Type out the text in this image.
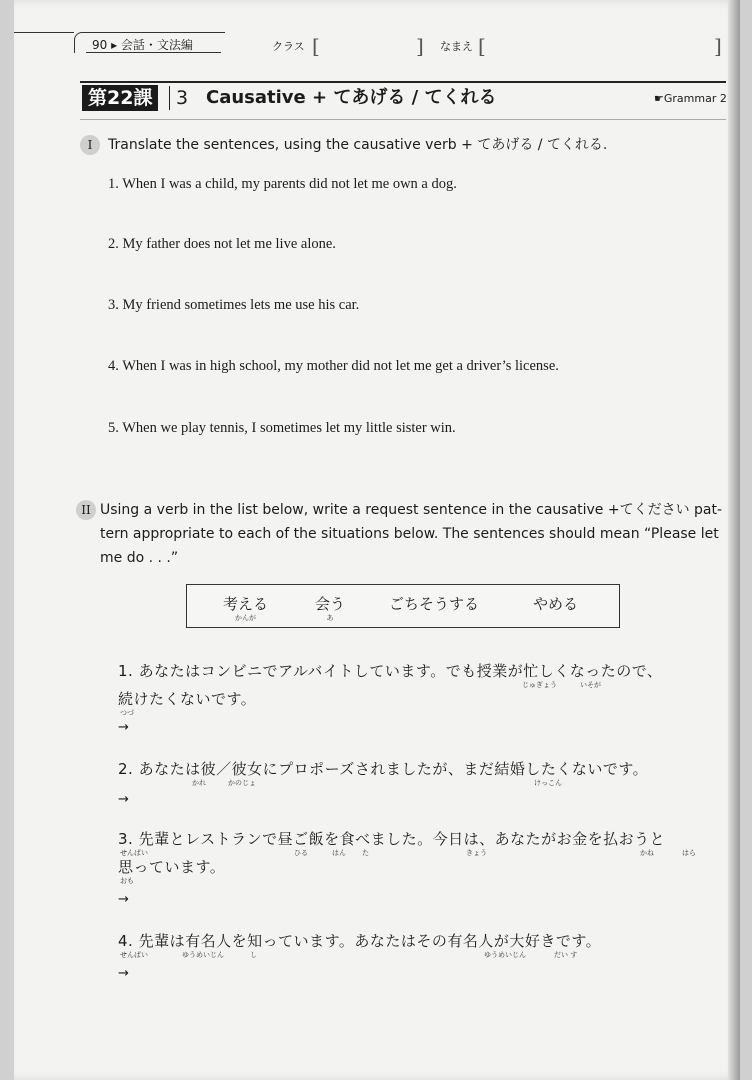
90 ▸ 会話・文法編	クラス [	] なまえ [	]
第22課	3 Causative + てあげる / てくれる	☛Grammar 2
I	Translate the sentences, using the causative verb + てあげる / てくれる.
1. When I was a child, my parents did not let me own a dog.
2. My father does not let me live alone.
3. My friend sometimes lets me use his car.
4. When I was in high school, my mother did not let me get a driver’s license.
5. When we play tennis, I sometimes let my little sister win.
II Using a verb in the list below, write a request sentence in the causative +てください pat-
tern appropriate to each of the situations below. The sentences should mean “Please let
me do . . .”
考える
かんが
会う
あ
ごちそうする	やめる
1. あなたはコンビニでアルバイトしています。でも授業が忙しくなったので、
じゅぎょう	いそが
続けたくないです。
つづ
→
2. あなたは彼／彼女にプロポーズされましたが、まだ結婚したくないです。
かれ	かのじょ	けっこん
→
3. 先輩とレストランで昼ご飯を食べました。今日は、あなたがお金を払おうと
せんぱい	ひる	はん た	きょう	かね	はら
思っています。
おも
→
4. 先輩は有名人を知っています。あなたはその有名人が大好きです。
せんぱい	ゆうめいじん	し	ゆうめいじん	だい す
→
